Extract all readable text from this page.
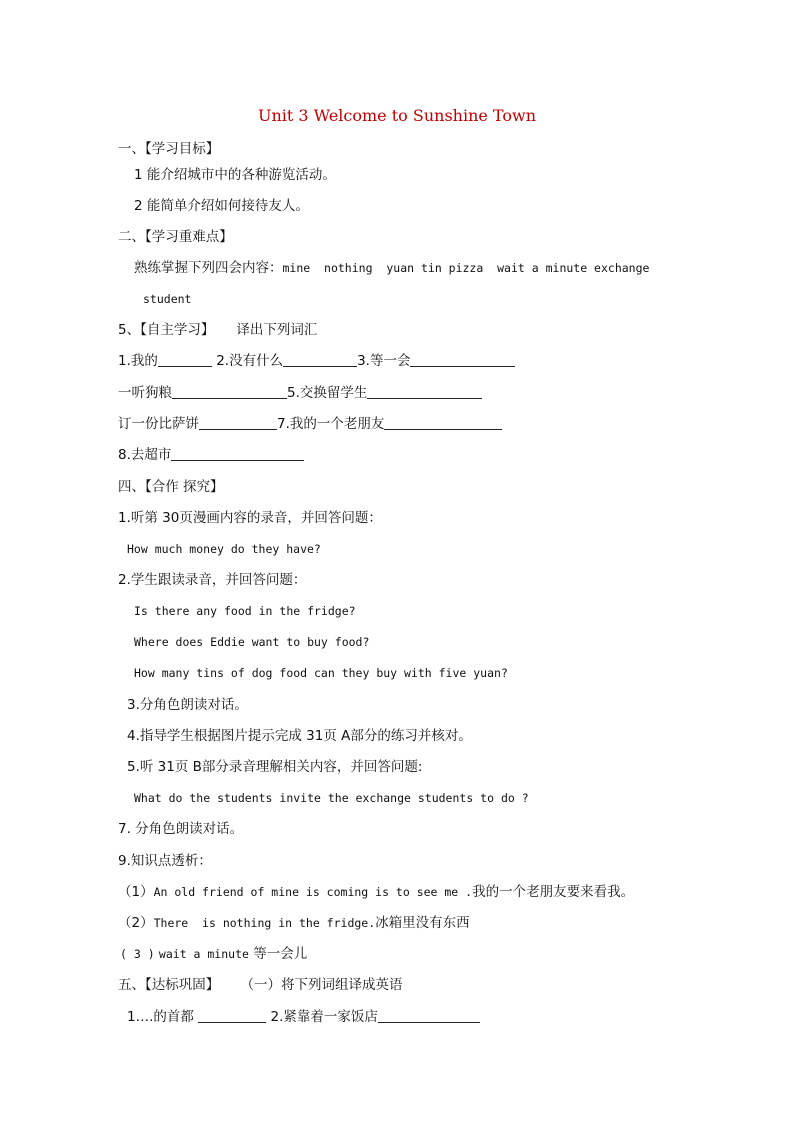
Unit 3 Welcome to Sunshine Town
一、【学习目标】
1 能介绍城市中的各种游览活动。
2 能简单介绍如何接待友人。
二、【学习重难点】
熟练掌握下列四会内容：mine  nothing  yuan tin pizza  wait a minute exchange
student
5、【自主学习】 译出下列词汇
1.我的	2.没有什么	3.等一会
一听狗粮	5.交换留学生
订一份比萨饼	7.我的一个老朋友
8.去超市
四、【合作 探究】
1.听第 30页漫画内容的录音，并回答问题：
How much money do they have?
2.学生跟读录音，并回答问题：
Is there any food in the fridge?
Where does Eddie want to buy food?
How many tins of dog food can they buy with five yuan?
3.分角色朗读对话。
4.指导学生根据图片提示完成 31页 A部分的练习并核对。
5.听 31页 B部分录音理解相关内容，并回答问题:
What do the students invite the exchange students to do ?
7. 分角色朗读对话。
9.知识点透析：
（1）An old friend of mine is coming is to see me .我的一个老朋友要来看我。
（2）There  is nothing in the fridge.冰箱里没有东西
( 3 ) wait a minute 等一会儿
五、【达标巩固】 （一）将下列词组译成英语
1….的首都	2.紧靠着一家饭店
